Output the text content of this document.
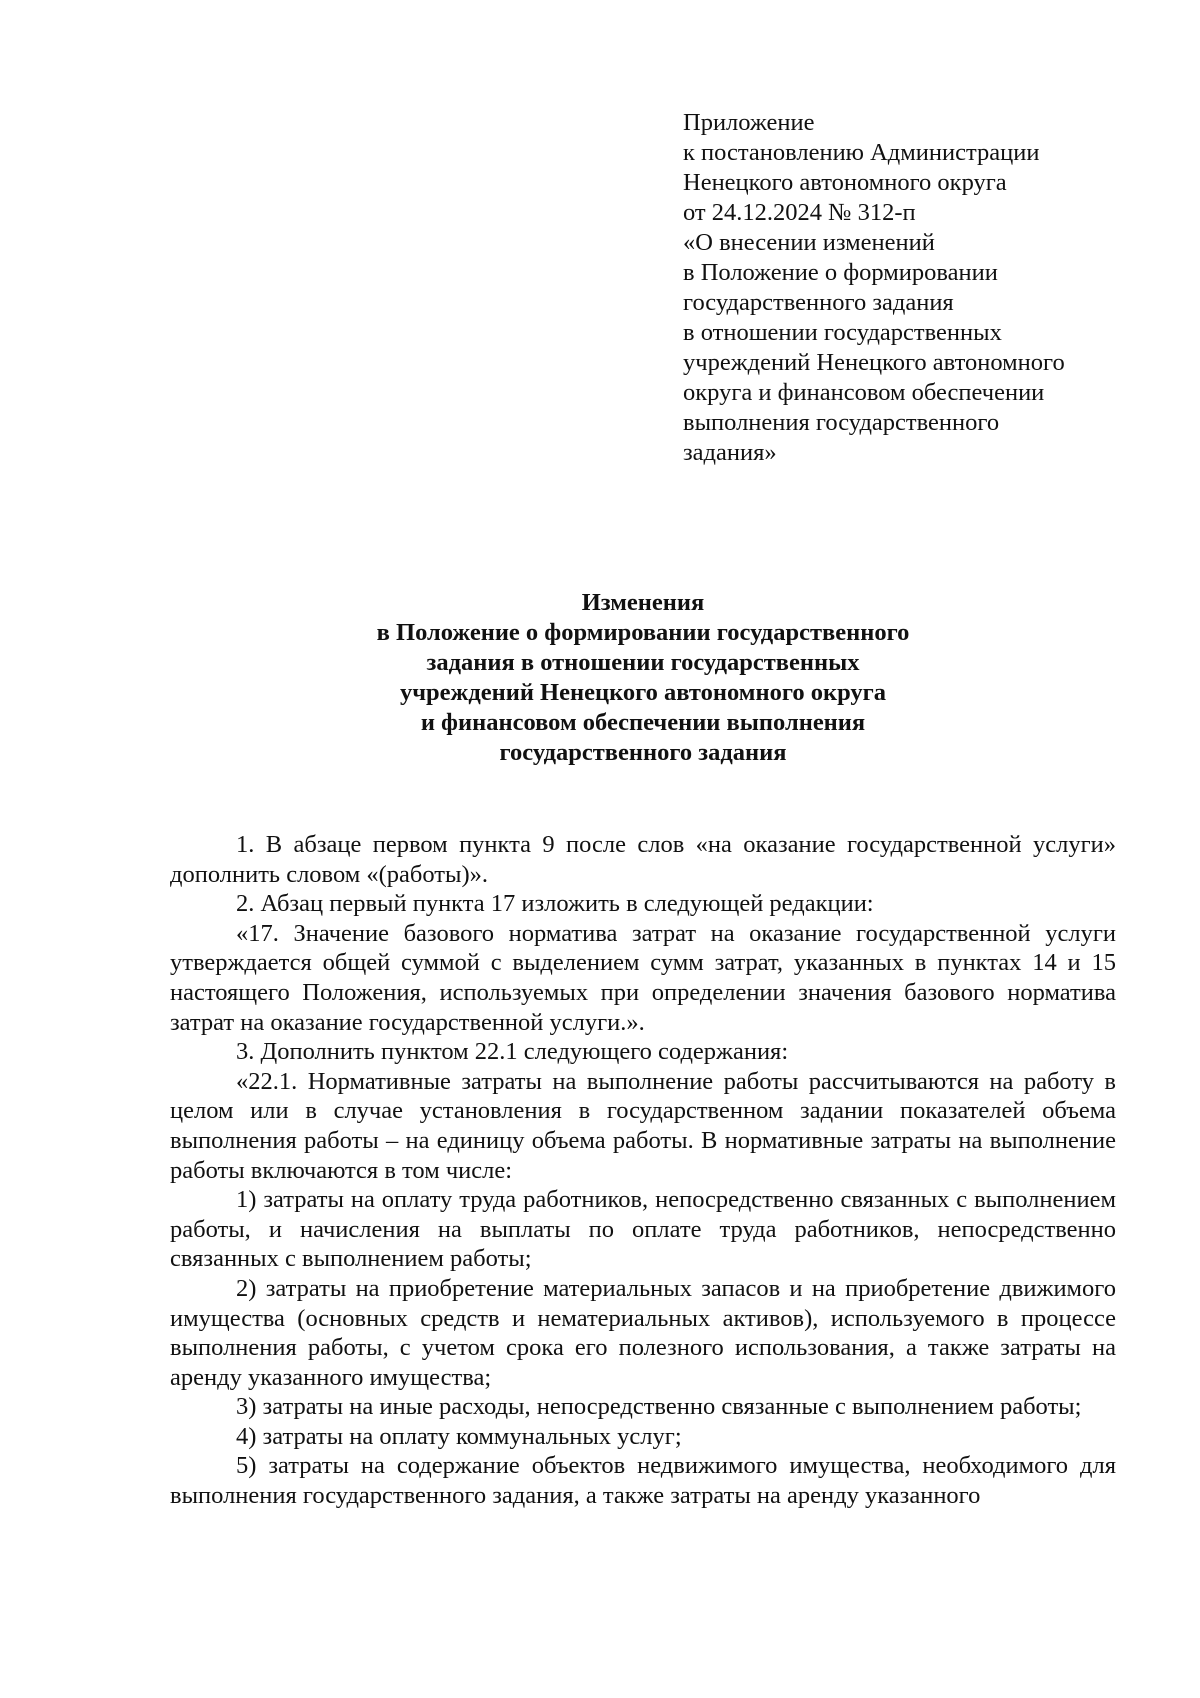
Приложение
к постановлению Администрации
Ненецкого автономного округа
от 24.12.2024 № 312-п
«О внесении изменений
в Положение о формировании
государственного задания
в отношении государственных
учреждений Ненецкого автономного
округа и финансовом обеспечении
выполнения государственного
задания»
Изменения
в Положение о формировании государственного
задания в отношении государственных
учреждений Ненецкого автономного округа
и финансовом обеспечении выполнения
государственного задания

1. В абзаце первом пункта 9 после слов «на оказание государственной услуги» дополнить словом «(работы)».

2. Абзац первый пункта 17 изложить в следующей редакции:

«17. Значение базового норматива затрат на оказание государственной услуги утверждается общей суммой с выделением сумм затрат, указанных в пунктах 14 и 15 настоящего Положения, используемых при определении значения базового норматива затрат на оказание государственной услуги.».

3. Дополнить пунктом 22.1 следующего содержания:

«22.1. Нормативные затраты на выполнение работы рассчитываются на работу в целом или в случае установления в государственном задании показателей объема выполнения работы – на единицу объема работы. В нормативные затраты на выполнение работы включаются в том числе:

1) затраты на оплату труда работников, непосредственно связанных с выполнением работы, и начисления на выплаты по оплате труда работников, непосредственно связанных с выполнением работы;

2) затраты на приобретение материальных запасов и на приобретение движимого имущества (основных средств и нематериальных активов), используемого в процессе выполнения работы, с учетом срока его полезного использования, а также затраты на аренду указанного имущества;

3) затраты на иные расходы, непосредственно связанные с выполнением работы;

4) затраты на оплату коммунальных услуг;

5) затраты на содержание объектов недвижимого имущества, необходимого для выполнения государственного задания, а также затраты на аренду указанного
